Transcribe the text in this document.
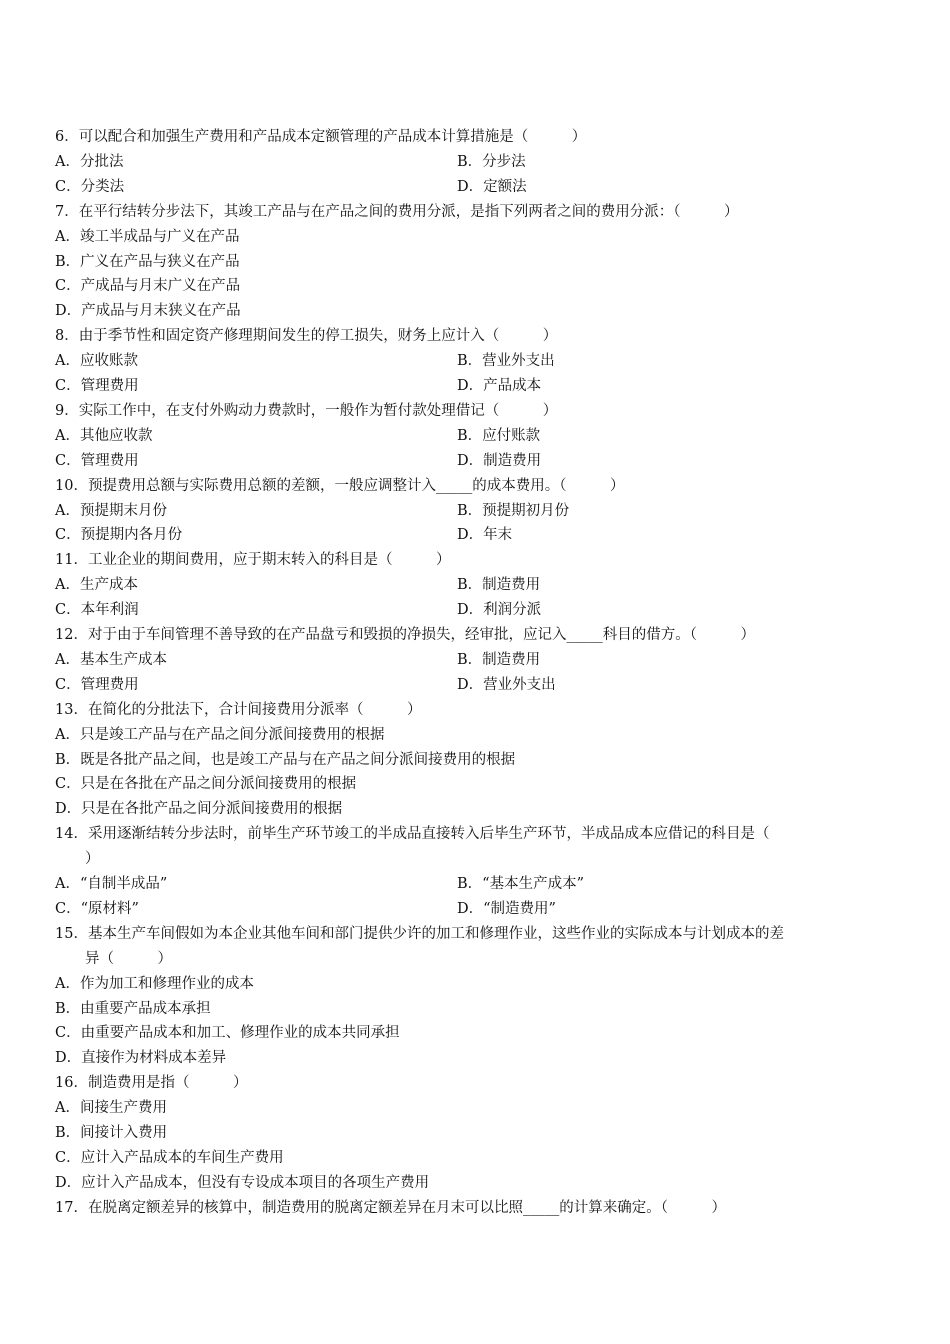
6．可以配合和加强生产费用和产品成本定额管理的产品成本计算措施是（　　　）
A．分批法	B．分步法
C．分类法	D．定额法
7．在平行结转分步法下，其竣工产品与在产品之间的费用分派，是指下列两者之间的费用分派：（　　　）
A．竣工半成品与广义在产品
B．广义在产品与狭义在产品
C．产成品与月末广义在产品
D．产成品与月末狭义在产品
8．由于季节性和固定资产修理期间发生的停工损失，财务上应计入（　　　）
A．应收账款	B．营业外支出
C．管理费用	D．产品成本
9．实际工作中，在支付外购动力费款时，一般作为暂付款处理借记（　　　）
A．其他应收款	B．应付账款
C．管理费用	D．制造费用
10．预提费用总额与实际费用总额的差额，一般应调整计入_____的成本费用。（　　　）
A．预提期末月份	B．预提期初月份
C．预提期内各月份	D．年末
11．工业企业的期间费用，应于期末转入的科目是（　　　）
A．生产成本	B．制造费用
C．本年利润	D．利润分派
12．对于由于车间管理不善导致的在产品盘亏和毁损的净损失，经审批，应记入_____科目的借方。（　　　）
A．基本生产成本	B．制造费用
C．管理费用	D．营业外支出
13．在简化的分批法下，合计间接费用分派率（　　　）
A．只是竣工产品与在产品之间分派间接费用的根据
B．既是各批产品之间，也是竣工产品与在产品之间分派间接费用的根据
C．只是在各批在产品之间分派间接费用的根据
D．只是在各批产品之间分派间接费用的根据
14．采用逐渐结转分步法时，前毕生产环节竣工的半成品直接转入后毕生产环节，半成品成本应借记的科目是（
）
A．“自制半成品”	B．“基本生产成本”
C．“原材料”	D．“制造费用”
15．基本生产车间假如为本企业其他车间和部门提供少许的加工和修理作业，这些作业的实际成本与计划成本的差
异（　　　）
A．作为加工和修理作业的成本
B．由重要产品成本承担
C．由重要产品成本和加工、修理作业的成本共同承担
D．直接作为材料成本差异
16．制造费用是指（　　　）
A．间接生产费用
B．间接计入费用
C．应计入产品成本的车间生产费用
D．应计入产品成本，但没有专设成本项目的各项生产费用
17．在脱离定额差异的核算中，制造费用的脱离定额差异在月末可以比照_____的计算来确定。（　　　）
